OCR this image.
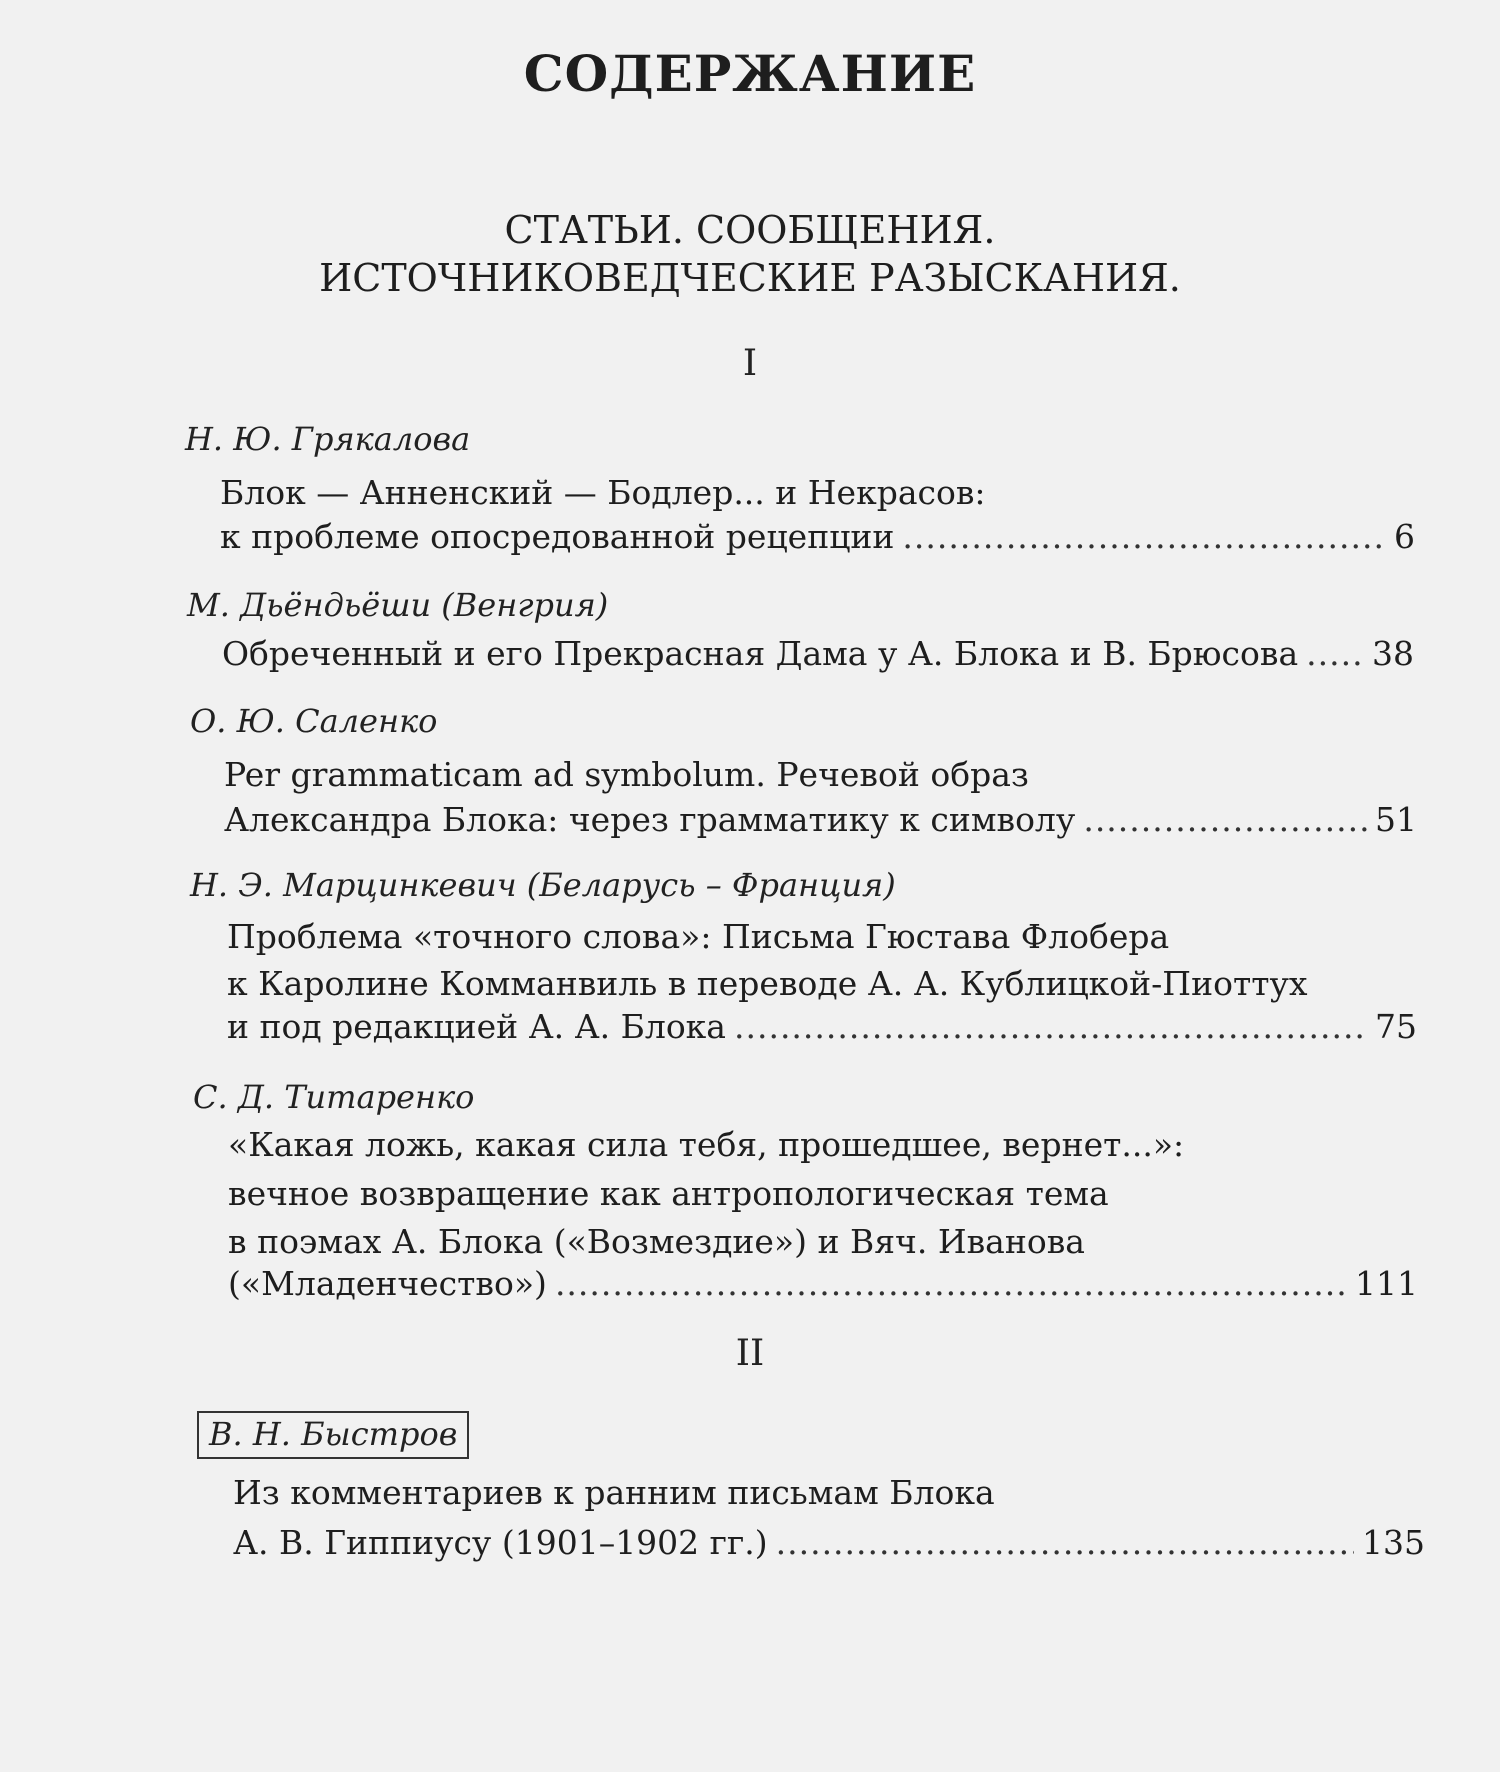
СОДЕРЖАНИЕ
СТАТЬИ. СООБЩЕНИЯ.
ИСТОЧНИКОВЕДЧЕСКИЕ РАЗЫСКАНИЯ.
I
Н. Ю. Грякалова
Блок — Анненский — Бодлер... и Некрасов:
к проблеме опосредованной рецепции .....	6
М. Дьёндьёши (Венгрия)
Обреченный и его Прекрасная Дама у А. Блока и В. Брюсова ..... 38
О. Ю. Саленко
Per grammaticam ad symbolum. Речевой образ
Александра Блока: через грамматику к символу .....	51
Н. Э. Марцинкевич (Беларусь – Франция)
Проблема «точного слова»: Письма Гюстава Флобера
к Каролине Комманвиль в переводе А. А. Кублицкой-Пиоттух
и под редакцией А. А. Блока .....	75
С. Д. Титаренко
«Какая ложь, какая сила тебя, прошедшее, вернет...»:
вечное возвращение как антропологическая тема
в поэмах А. Блока («Возмездие») и Вяч. Иванова
(«Младенчество») .....	111
II
В. Н. Быстров
Из комментариев к ранним письмам Блока
А. В. Гиппиусу (1901–1902 гг.) .....	135
